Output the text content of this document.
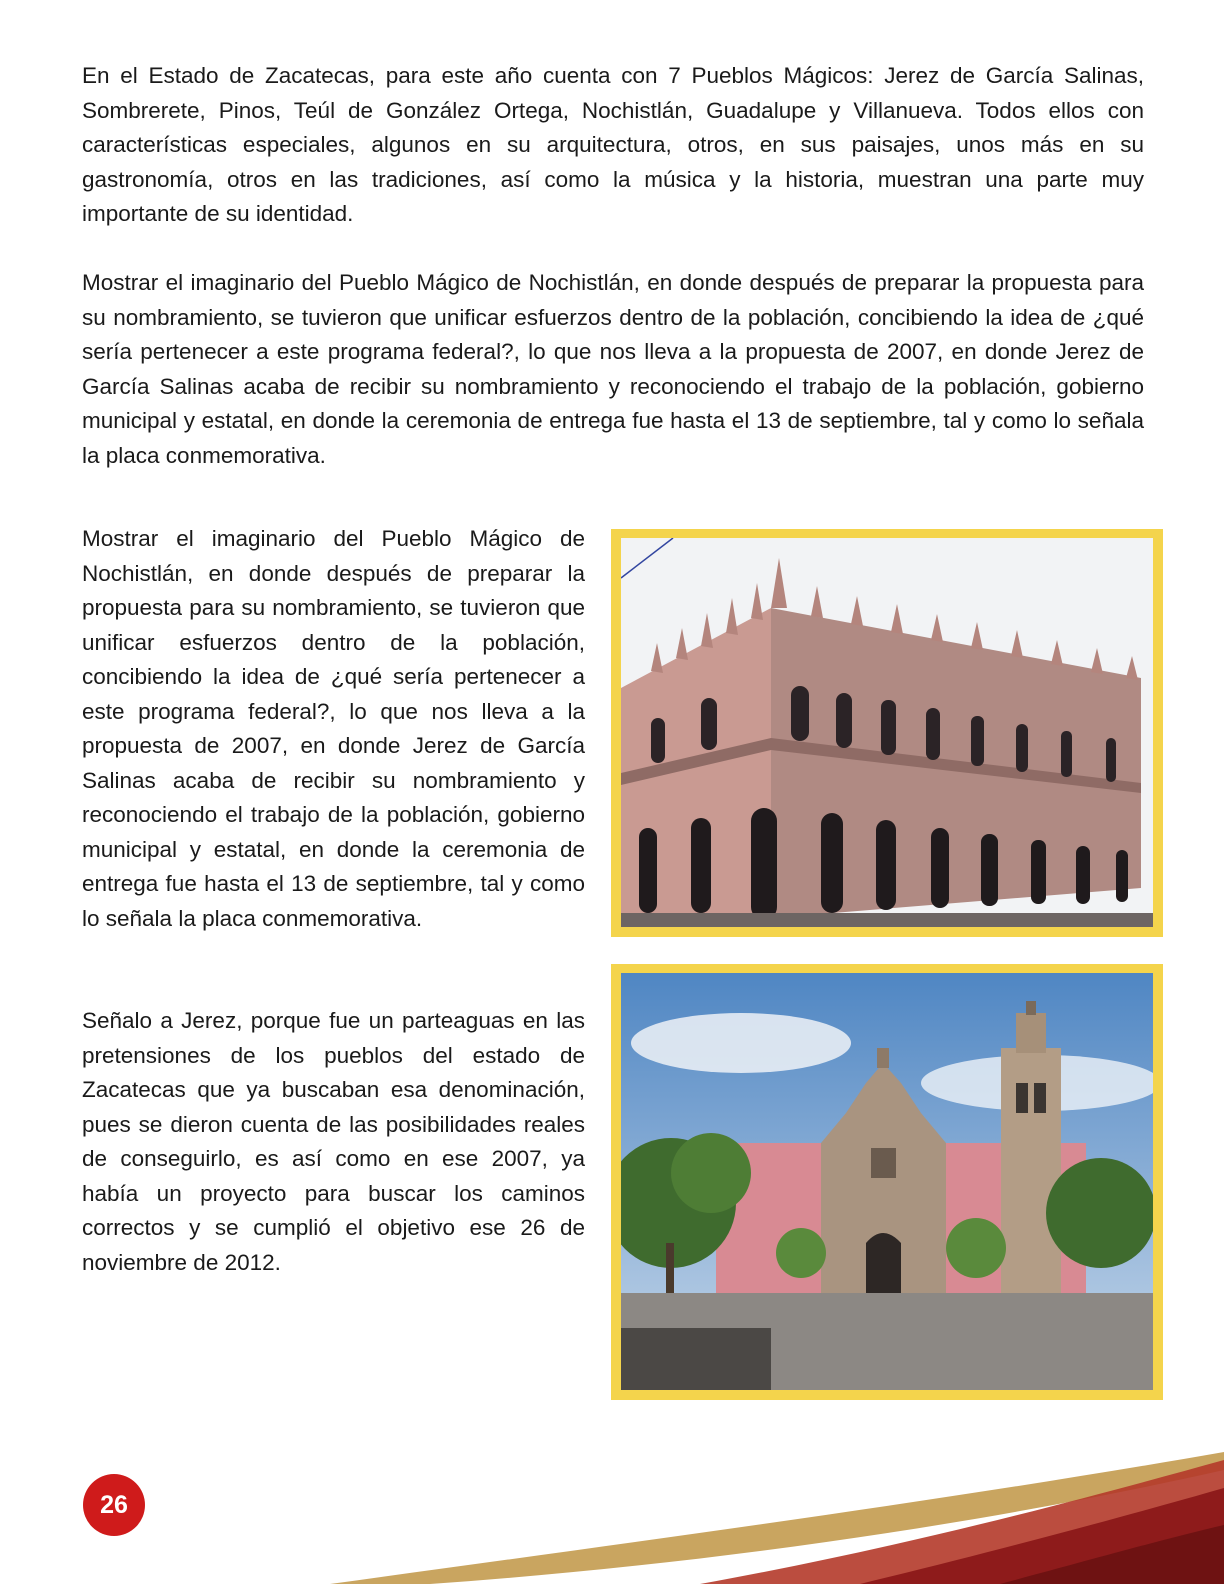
En el Estado de Zacatecas, para este año cuenta con 7 Pueblos Mágicos: Jerez de García Salinas, Sombrerete, Pinos, Teúl de González Ortega, Nochistlán, Guadalupe y Villanueva. Todos ellos con características especiales, algunos en su arquitectura, otros, en sus paisajes, unos más en su gastronomía, otros en las tradiciones, así como la música y la historia, muestran una parte muy importante de su identidad.

Mostrar el imaginario del Pueblo Mágico de Nochistlán, en donde después de preparar la propuesta para su nombramiento, se tuvieron que unificar esfuerzos dentro de la población, concibiendo la idea de ¿qué sería pertenecer a este programa federal?, lo que nos lleva a la propuesta de 2007, en donde Jerez de García Salinas acaba de recibir su nombramiento y reconociendo el trabajo de la población, gobierno municipal y estatal, en donde la ceremonia de entrega fue hasta el 13 de septiembre, tal y como lo señala la placa conmemorativa.

Mostrar el imaginario del Pueblo Mágico de Nochistlán, en donde después de preparar la propuesta para su nombramiento, se tuvieron que unificar esfuerzos dentro de la población, concibiendo la idea de ¿qué sería pertenecer a este programa federal?, lo que nos lleva a la propuesta de 2007, en donde Jerez de García Salinas acaba de recibir su nombramiento y reconociendo el trabajo de la población, gobierno municipal y estatal, en donde la ceremonia de entrega fue hasta el 13 de septiembre, tal y como lo señala la placa conmemorativa.

Señalo a Jerez, porque fue un parteaguas en las pretensiones de los pueblos del estado de Zacatecas que ya buscaban esa denominación, pues se dieron cuenta de las posibilidades reales de conseguirlo, es así como en ese 2007, ya había un proyecto para buscar los caminos correctos y se cumplió el objetivo ese 26 de noviembre de 2012.

26
